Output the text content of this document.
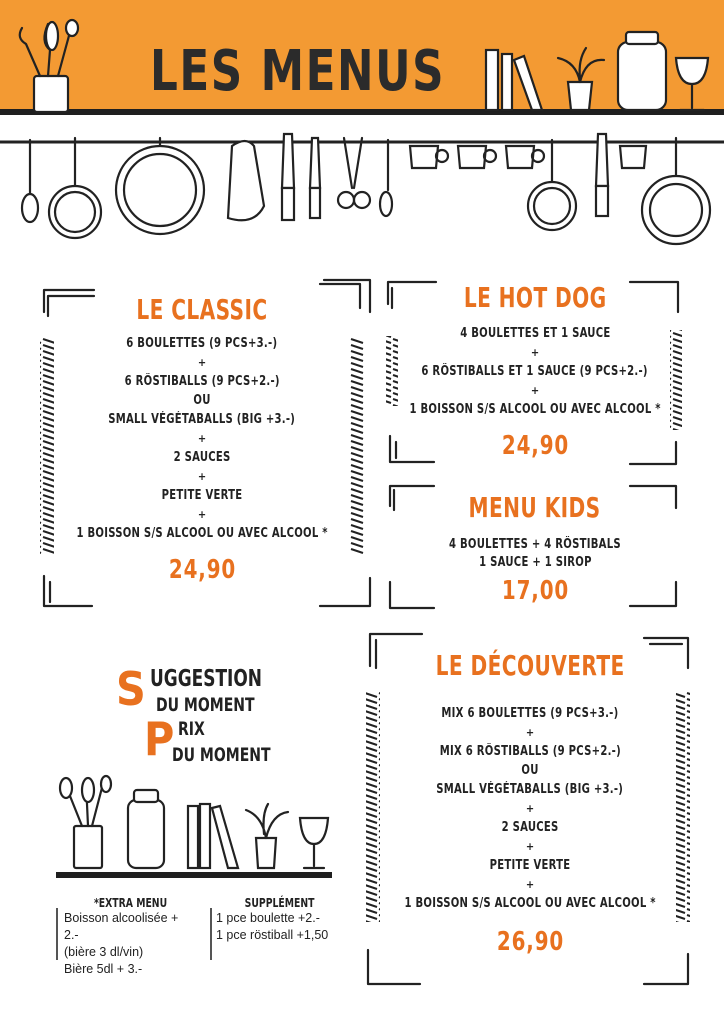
LES MENUS
LE CLASSIC
6 BOULETTES (9 PCS+3.-)
+
6 RÖSTIBALLS (9 PCS+2.-)
OU
SMALL VÉGÉTABALLS (BIG +3.-)
+
2 SAUCES
+
PETITE VERTE
+
1 BOISSON S/S ALCOOL OU AVEC ALCOOL *
24,90
LE HOT DOG
4 BOULETTES ET 1 SAUCE
+
6 RÖSTIBALLS ET 1 SAUCE (9 PCS+2.-)
+
1 BOISSON S/S ALCOOL OU AVEC ALCOOL *
24,90
MENU KIDS
4 BOULETTES + 4 RÖSTIBALS
1 SAUCE + 1 SIROP
17,00
LE DÉCOUVERTE
MIX 6 BOULETTES (9 PCS+3.-)
+
MIX 6 RÖSTIBALLS (9 PCS+2.-)
OU
SMALL VÉGÉTABALLS (BIG +3.-)
+
2 SAUCES
+
PETITE VERTE
+
1 BOISSON S/S ALCOOL OU AVEC ALCOOL *
26,90
S UGGESTION
DU MOMENT
P RIX
DU MOMENT
*EXTRA MENU
Boisson alcoolisée +
2.-
(bière 3 dl/vin)
Bière 5dl + 3.-
SUPPLÉMENT
1 pce boulette +2.-
1 pce röstiball +1,50
